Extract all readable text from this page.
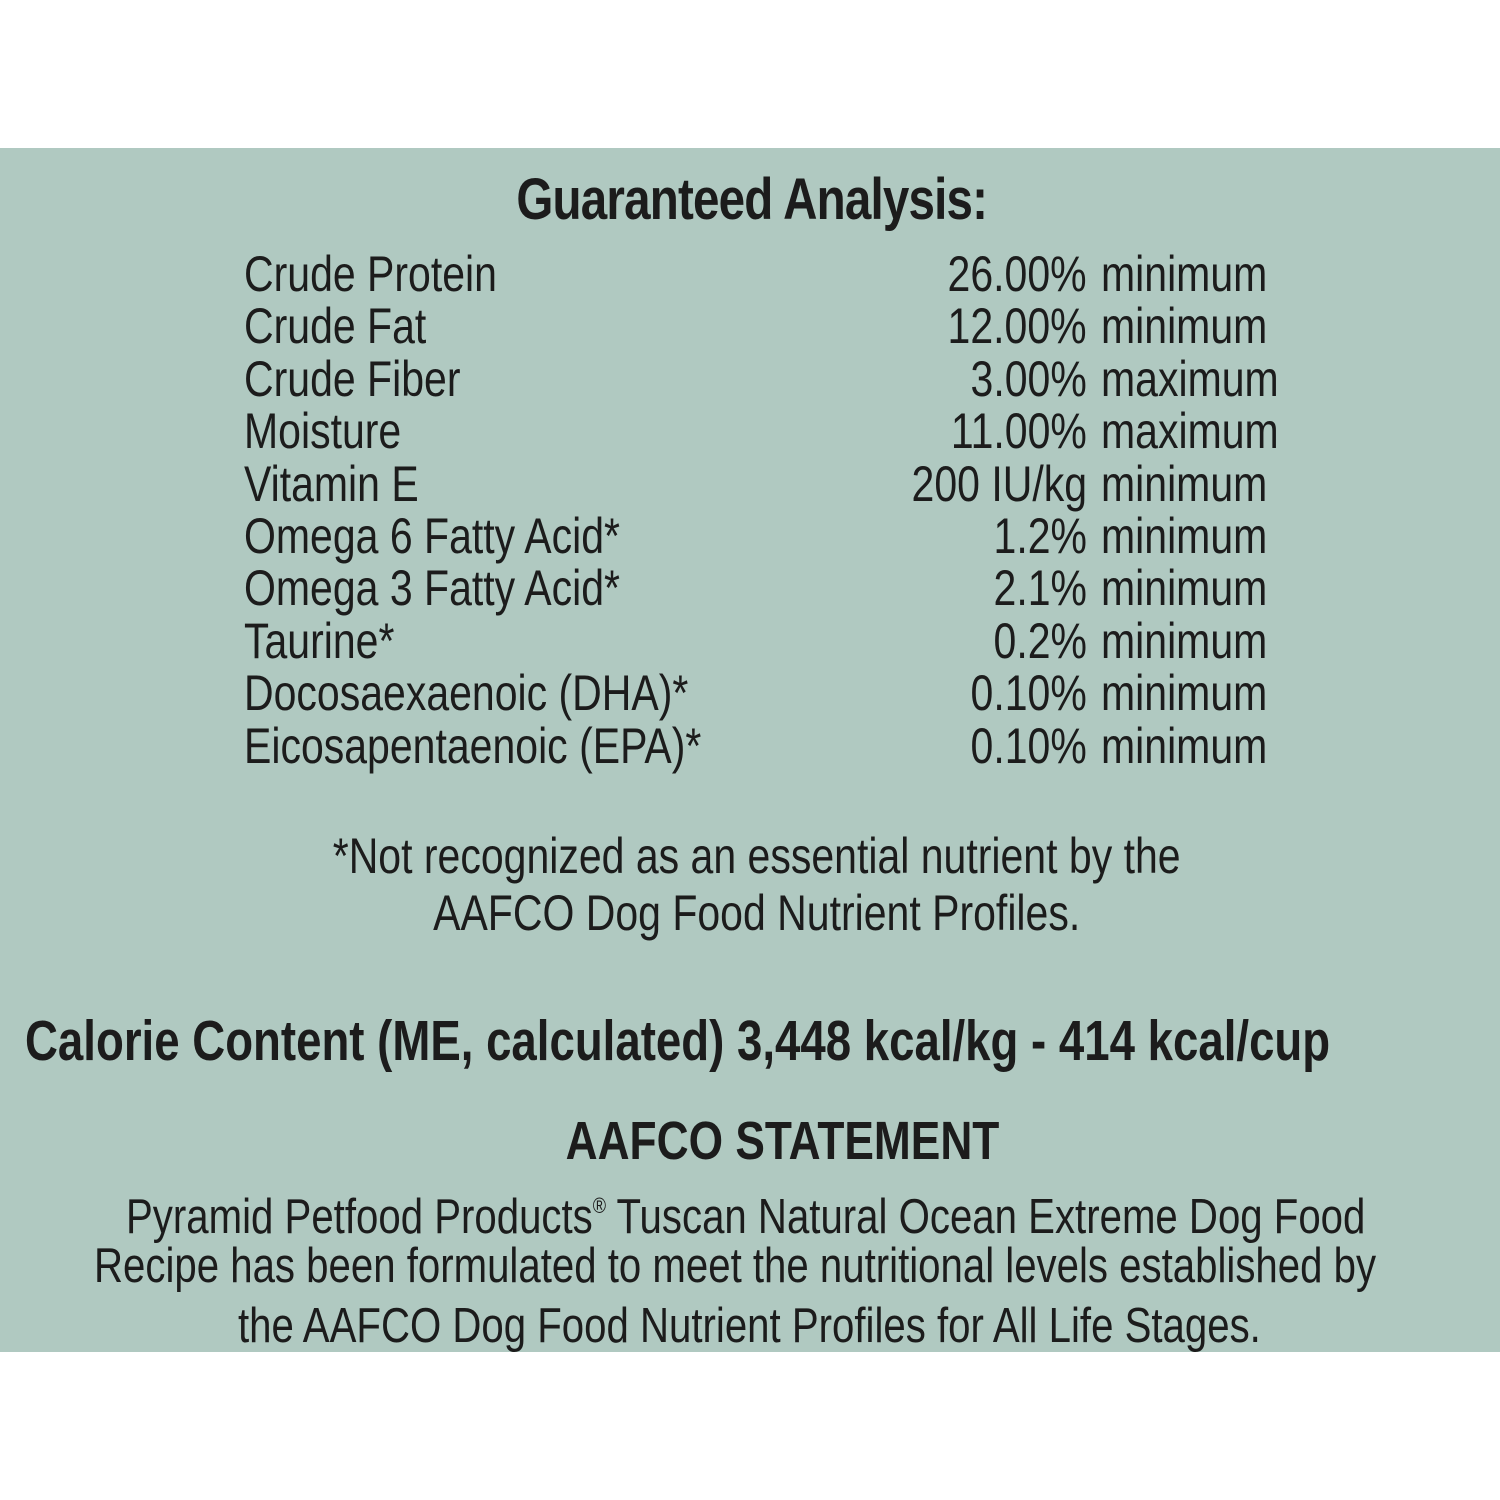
Guaranteed Analysis:
Crude Protein	26.00% minimum
Crude Fat	12.00% minimum
Crude Fiber	3.00% maximum
Moisture	11.00% maximum
Vitamin E	200 IU/kg minimum
Omega 6 Fatty Acid*	1.2% minimum
Omega 3 Fatty Acid*	2.1% minimum
Taurine*	0.2% minimum
Docosaexaenoic (DHA)*	0.10% minimum
Eicosapentaenoic (EPA)*	0.10% minimum
*Not recognized as an essential nutrient by the
AAFCO Dog Food Nutrient Profiles.
Calorie Content (ME, calculated) 3,448 kcal/kg - 414 kcal/cup
AAFCO STATEMENT
Pyramid Petfood Products® Tuscan Natural Ocean Extreme Dog Food
Recipe has been formulated to meet the nutritional levels established by
the AAFCO Dog Food Nutrient Profiles for All Life Stages.
